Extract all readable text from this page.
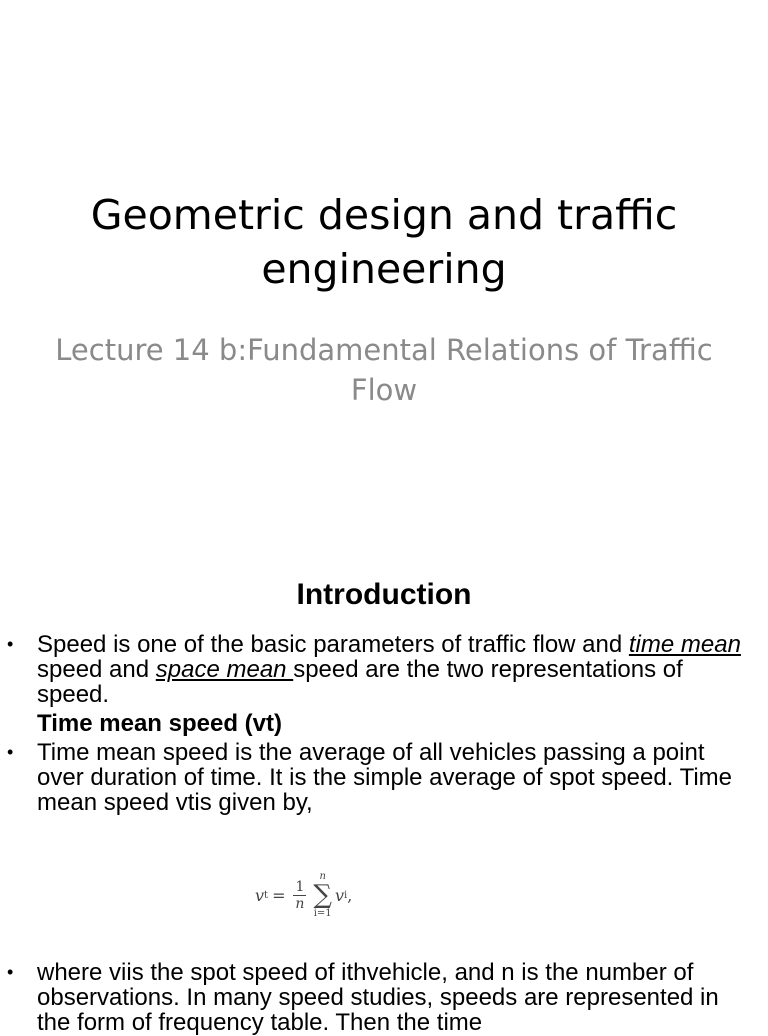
Geometric design and traffic engineering
Lecture 14 b:Fundamental Relations of Traffic Flow
Introduction
• Speed is one of the basic parameters of traffic flow and time mean speed and space mean speed are the two representations of speed.
Time mean speed (vt)
• Time mean speed is the average of all vehicles passing a point over duration of time. It is the simple average of spot speed. Time mean speed vtis given by,
v $t = \frac{1}{n}$
n
∑
i=1
v i ,
• where viis the spot speed of ithvehicle, and n is the number of observations. In many speed studies, speeds are represented in the form of frequency table. Then the time
